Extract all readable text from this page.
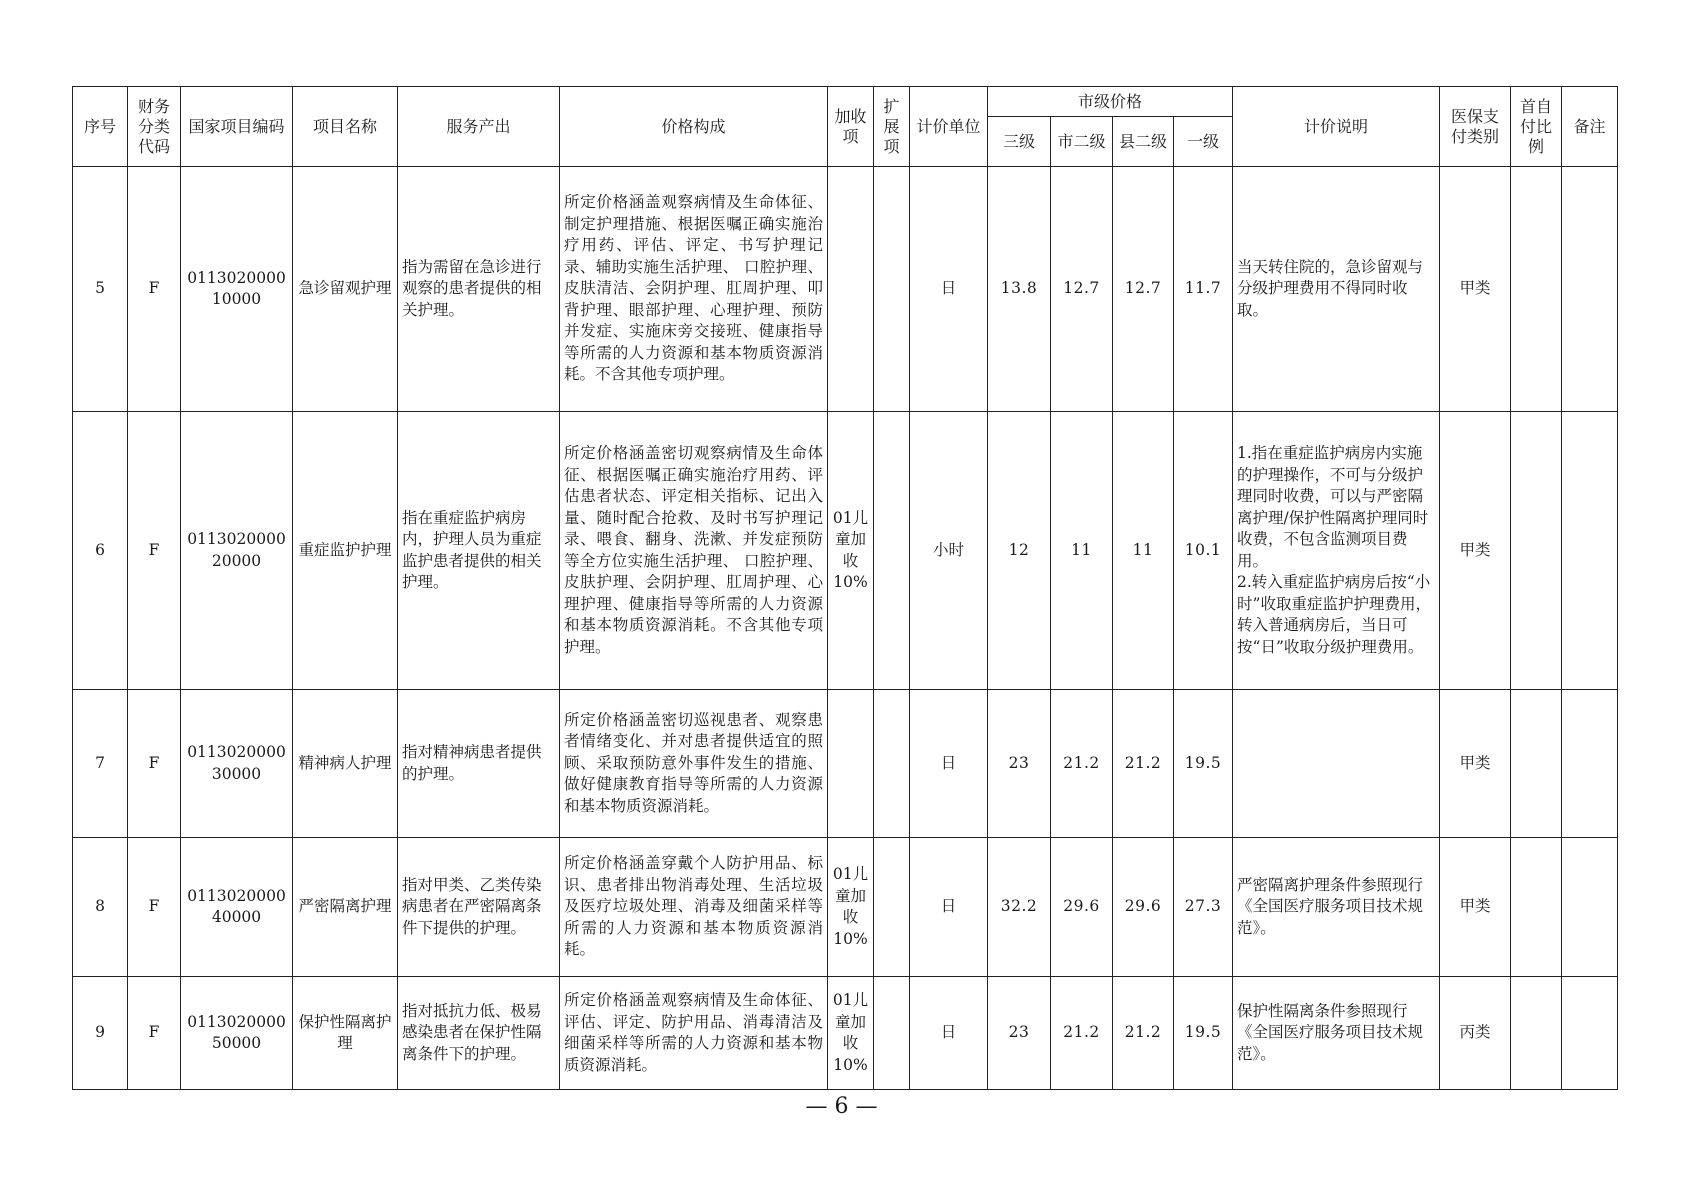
序号	财务分类代码	国家项目编码	项目名称	服务产出	价格构成	加收项	扩展项	计价单位	市级价格				计价说明	医保支付类别	首自付比例	备注
									三级	市二级	县二级	一级				
5	F	011302000010000	急诊留观护理	指为需留在急诊进行观察的患者提供的相关护理。	所定价格涵盖观察病情及生命体征、制定护理措施、根据医嘱正确实施治疗用药、评估、评定、书写护理记录、辅助实施生活护理、 口腔护理、皮肤清洁、会阴护理、肛周护理、叩背护理、眼部护理、心理护理、预防并发症、实施床旁交接班、健康指导等所需的人力资源和基本物质资源消耗。不含其他专项护理。			日	13.8	12.7	12.7	11.7	当天转住院的，急诊留观与分级护理费用不得同时收取。	甲类		
6	F	011302000020000	重症监护护理	指在重症监护病房内，护理人员为重症监护患者提供的相关护理。	所定价格涵盖密切观察病情及生命体征、根据医嘱正确实施治疗用药、评估患者状态、评定相关指标、记出入量、随时配合抢救、及时书写护理记录、喂食、翻身、洗漱、并发症预防等全方位实施生活护理、 口腔护理、皮肤护理、会阴护理、肛周护理、心理护理、健康指导等所需的人力资源和基本物质资源消耗。不含其他专项护理。	01儿童加收10%		小时	12	11	11	10.1	1.指在重症监护病房内实施的护理操作，不可与分级护理同时收费，可以与严密隔离护理/保护性隔离护理同时收费，不包含监测项目费用。
2.转入重症监护病房后按“小时”收取重症监护护理费用，转入普通病房后，当日可按“日”收取分级护理费用。	甲类		
7	F	011302000030000	精神病人护理	指对精神病患者提供的护理。	所定价格涵盖密切巡视患者、观察患者情绪变化、并对患者提供适宜的照顾、采取预防意外事件发生的措施、做好健康教育指导等所需的人力资源和基本物质资源消耗。			日	23	21.2	21.2	19.5		甲类		
8	F	011302000040000	严密隔离护理	指对甲类、乙类传染病患者在严密隔离条件下提供的护理。	所定价格涵盖穿戴个人防护用品、标识、患者排出物消毒处理、生活垃圾及医疗垃圾处理、消毒及细菌采样等所需的人力资源和基本物质资源消耗。	01儿童加收10%		日	32.2	29.6	29.6	27.3	严密隔离护理条件参照现行《全国医疗服务项目技术规范》。	甲类		
9	F	011302000050000	保护性隔离护理	指对抵抗力低、极易感染患者在保护性隔离条件下的护理。	所定价格涵盖观察病情及生命体征、评估、评定、防护用品、消毒清洁及细菌采样等所需的人力资源和基本物质资源消耗。	01儿童加收10%		日	23	21.2	21.2	19.5	保护性隔离条件参照现行《全国医疗服务项目技术规范》。	丙类		
— 6 —
